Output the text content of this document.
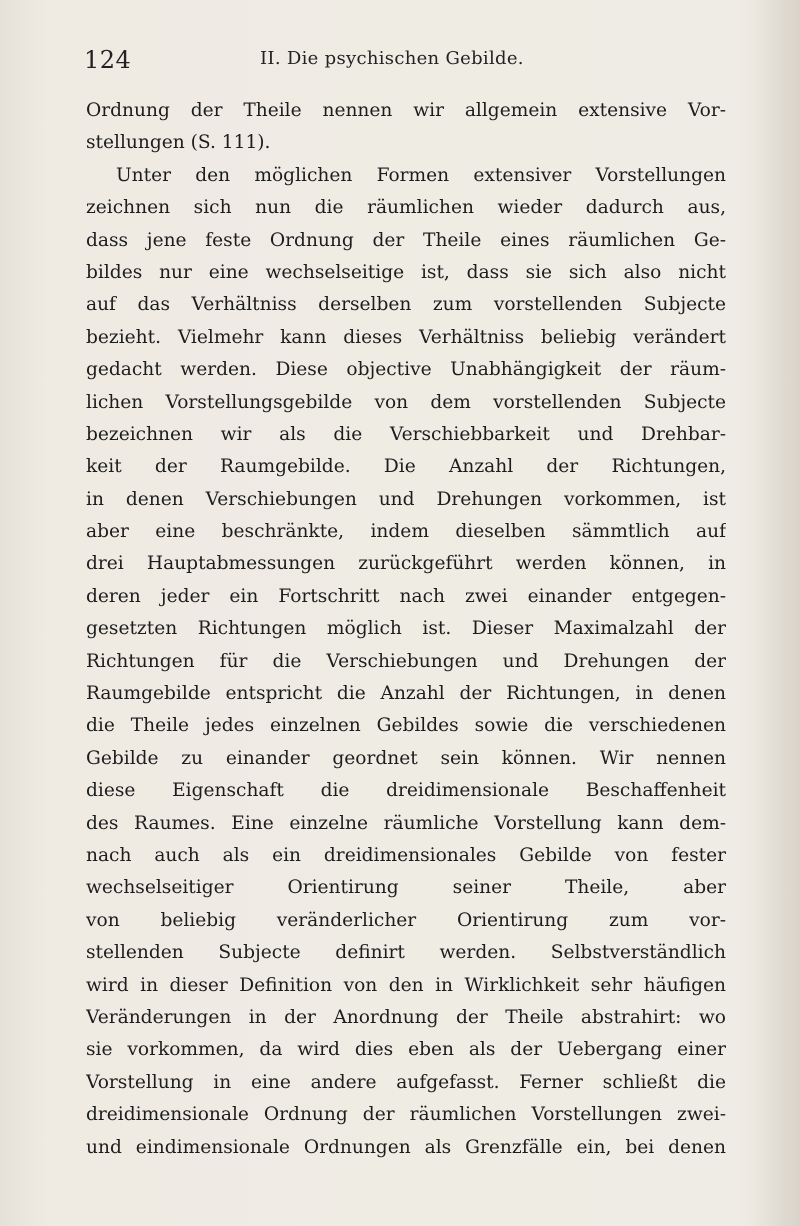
124	II. Die psychischen Gebilde.
Ordnung der Theile nennen wir allgemein extensive Vor-
stellungen (S. 111).
Unter den möglichen Formen extensiver Vorstellungen
zeichnen sich nun die räumlichen wieder dadurch aus,
dass jene feste Ordnung der Theile eines räumlichen Ge-
bildes nur eine wechselseitige ist, dass sie sich also nicht
auf das Verhältniss derselben zum vorstellenden Subjecte
bezieht. Vielmehr kann dieses Verhältniss beliebig verändert
gedacht werden. Diese objective Unabhängigkeit der räum-
lichen Vorstellungsgebilde von dem vorstellenden Subjecte
bezeichnen wir als die Verschiebbarkeit und Drehbar-
keit der Raumgebilde. Die Anzahl der Richtungen,
in denen Verschiebungen und Drehungen vorkommen, ist
aber eine beschränkte, indem dieselben sämmtlich auf
drei Hauptabmessungen zurückgeführt werden können, in
deren jeder ein Fortschritt nach zwei einander entgegen-
gesetzten Richtungen möglich ist. Dieser Maximalzahl der
Richtungen für die Verschiebungen und Drehungen der
Raumgebilde entspricht die Anzahl der Richtungen, in denen
die Theile jedes einzelnen Gebildes sowie die verschiedenen
Gebilde zu einander geordnet sein können. Wir nennen
diese Eigenschaft die dreidimensionale Beschaffenheit
des Raumes. Eine einzelne räumliche Vorstellung kann dem-
nach auch als ein dreidimensionales Gebilde von fester
wechselseitiger Orientirung seiner Theile, aber
von beliebig veränderlicher Orientirung zum vor-
stellenden Subjecte definirt werden. Selbstverständlich
wird in dieser Definition von den in Wirklichkeit sehr häufigen
Veränderungen in der Anordnung der Theile abstrahirt: wo
sie vorkommen, da wird dies eben als der Uebergang einer
Vorstellung in eine andere aufgefasst. Ferner schließt die
dreidimensionale Ordnung der räumlichen Vorstellungen zwei-
und eindimensionale Ordnungen als Grenzfälle ein, bei denen
